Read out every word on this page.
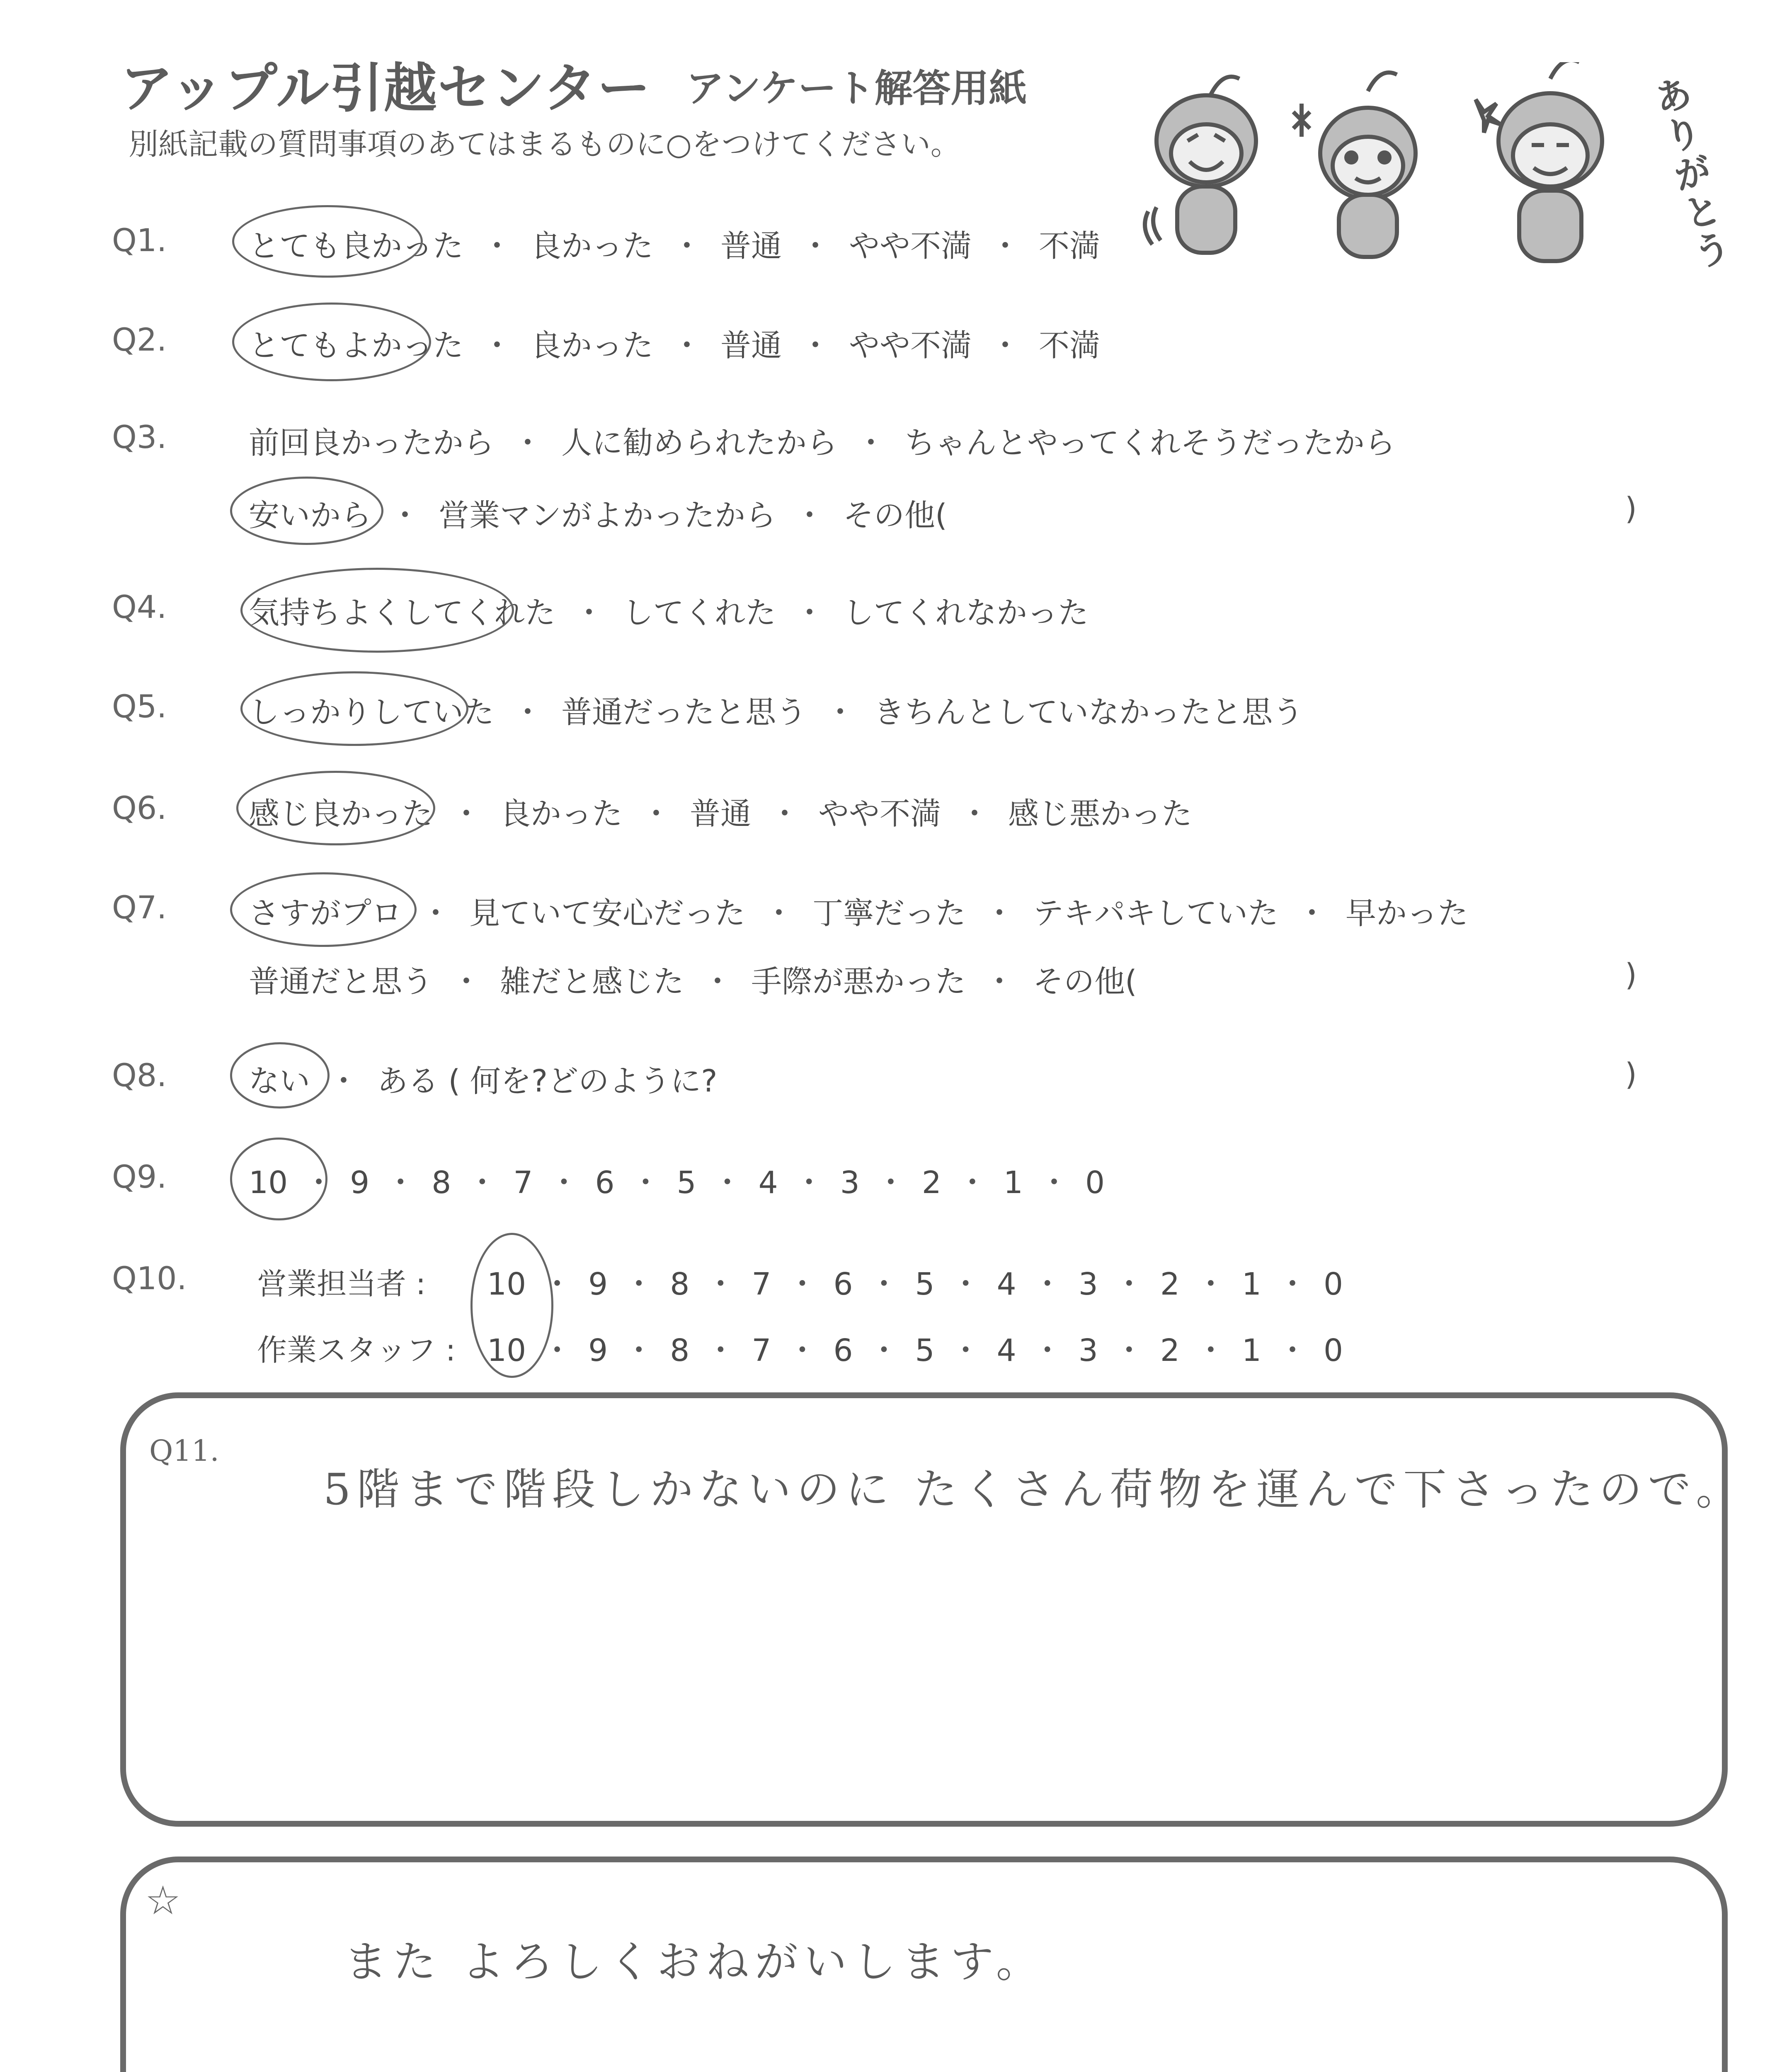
アップル引越センター アンケート解答用紙
別紙記載の質問事項のあてはまるものに○をつけてください。	ありがとう
Q1.	とても良かった ・ 良かった ・ 普通 ・ やや不満 ・ 不満
Q2.	とてもよかった ・ 良かった ・ 普通 ・ やや不満 ・ 不満
Q3.	前回良かったから ・ 人に勧められたから ・ ちゃんとやってくれそうだったから
安いから ・ 営業マンがよかったから ・ その他(	)
Q4.	気持ちよくしてくれた ・ してくれた ・ してくれなかった
Q5.	しっかりしていた ・ 普通だったと思う ・ きちんとしていなかったと思う
Q6.	感じ良かった ・ 良かった ・ 普通 ・ やや不満 ・ 感じ悪かった
Q7.	さすがプロ ・ 見ていて安心だった ・ 丁寧だった ・ テキパキしていた ・ 早かった
普通だと思う ・ 雑だと感じた ・ 手際が悪かった ・ その他(	)
Q8.	ない ・ ある ( 何を?どのように?	)
Q9.	10 ・ 9 ・ 8 ・ 7 ・ 6 ・ 5 ・ 4 ・ 3 ・ 2 ・ 1 ・ 0
Q10. 営業担当者 : 10 ・ 9 ・ 8 ・ 7 ・ 6 ・ 5 ・ 4 ・ 3 ・ 2 ・ 1 ・ 0
作業スタッフ : 10 ・ 9 ・ 8 ・ 7 ・ 6 ・ 5 ・ 4 ・ 3 ・ 2 ・ 1 ・ 0
Q11.
5階まで階段しかないのに たくさん荷物を運んで下さったので。
☆
また よろしくおねがいします。
